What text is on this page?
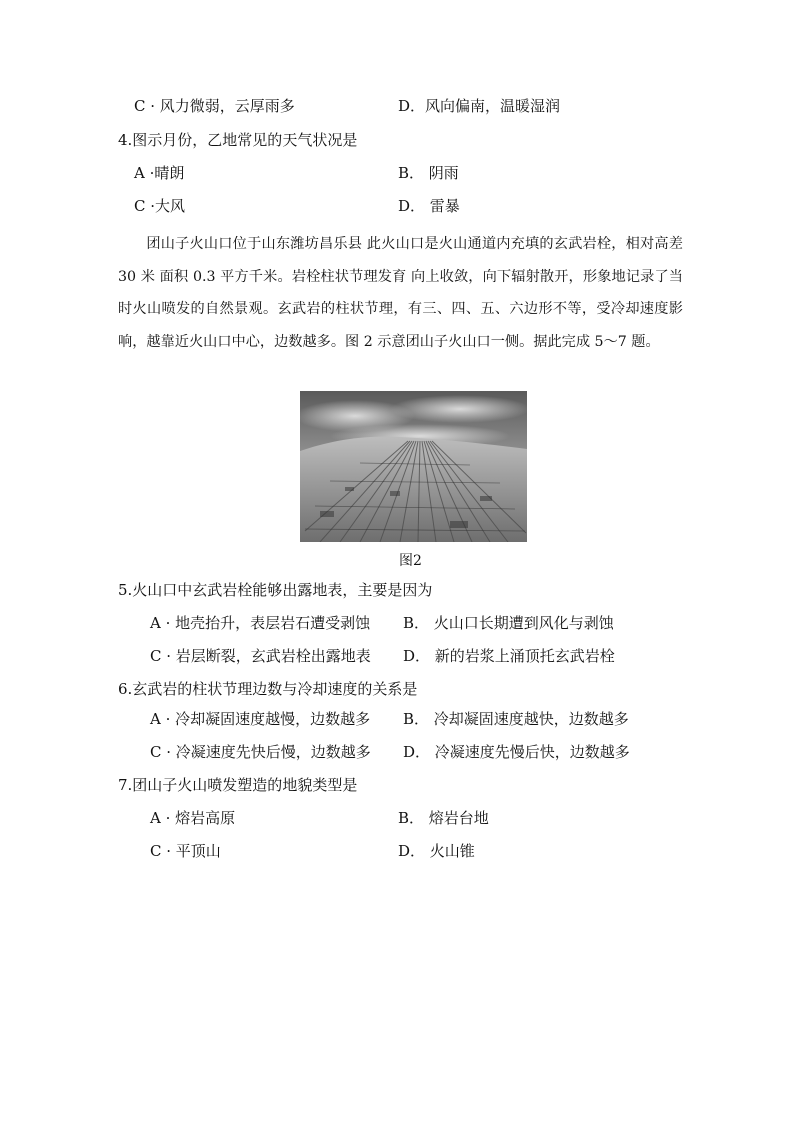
C · 风力微弱，云厚雨多	D．风向偏南，温暖湿润
4.图示月份，乙地常见的天气状况是
A ·晴朗	B． 阴雨
C ·大风	D． 雷暴

团山子火山口位于山东潍坊昌乐县 此火山口是火山通道内充填的玄武岩栓，相对高差 30 米 面积 0.3 平方千米。岩栓柱状节理发育 向上收敛，向下辐射散开，形象地记录了当时火山喷发的自然景观。玄武岩的柱状节理，有三、四、五、六边形不等，受冷却速度影响，越靠近火山口中心，边数越多。图 2 示意团山子火山口一侧。据此完成 5～7 题。

图2
5.火山口中玄武岩栓能够出露地表，主要是因为
A · 地壳抬升，表层岩石遭受剥蚀 B． 火山口长期遭到风化与剥蚀
C · 岩层断裂，玄武岩栓出露地表 D． 新的岩浆上涌顶托玄武岩栓
6.玄武岩的柱状节理边数与冷却速度的关系是
A · 冷却凝固速度越慢，边数越多 B． 冷却凝固速度越快，边数越多
C · 冷凝速度先快后慢，边数越多 D． 冷凝速度先慢后快，边数越多
7.团山子火山喷发塑造的地貌类型是
A · 熔岩高原	B． 熔岩台地
C · 平顶山	D． 火山锥
